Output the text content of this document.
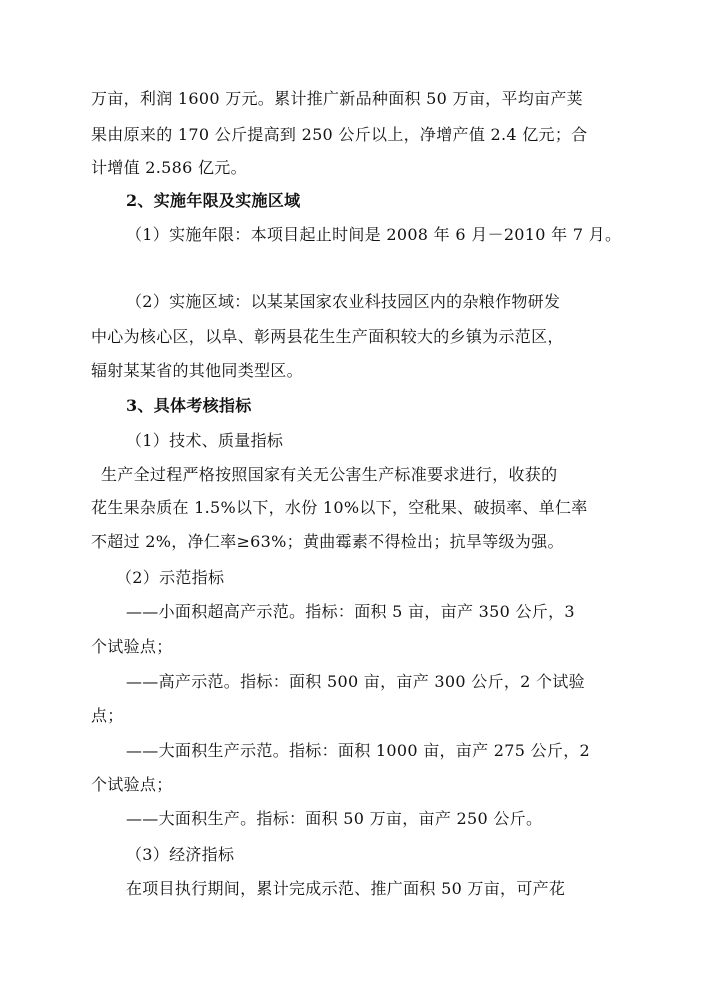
万亩，利润 1600 万元。累计推广新品种面积 50 万亩，平均亩产荚
果由原来的 170 公斤提高到 250 公斤以上，净增产值 2.4 亿元；合
计增值 2.586 亿元。
2、实施年限及实施区域
（1）实施年限：本项目起止时间是 2008 年 6 月－2010 年 7 月。
（2）实施区域：以某某国家农业科技园区内的杂粮作物研发
中心为核心区，以阜、彰两县花生生产面积较大的乡镇为示范区，
辐射某某省的其他同类型区。
3、具体考核指标
（1）技术、质量指标
生产全过程严格按照国家有关无公害生产标准要求进行，收获的
花生果杂质在 1.5%以下，水份 10%以下，空秕果、破损率、单仁率
不超过 2%，净仁率≥63%；黄曲霉素不得检出；抗旱等级为强。
（2）示范指标
——小面积超高产示范。指标：面积 5 亩，亩产 350 公斤，3
个试验点；
——高产示范。指标：面积 500 亩，亩产 300 公斤，2 个试验
点；
——大面积生产示范。指标：面积 1000 亩，亩产 275 公斤，2
个试验点；
——大面积生产。指标：面积 50 万亩，亩产 250 公斤。
（3）经济指标
在项目执行期间，累计完成示范、推广面积 50 万亩，可产花
